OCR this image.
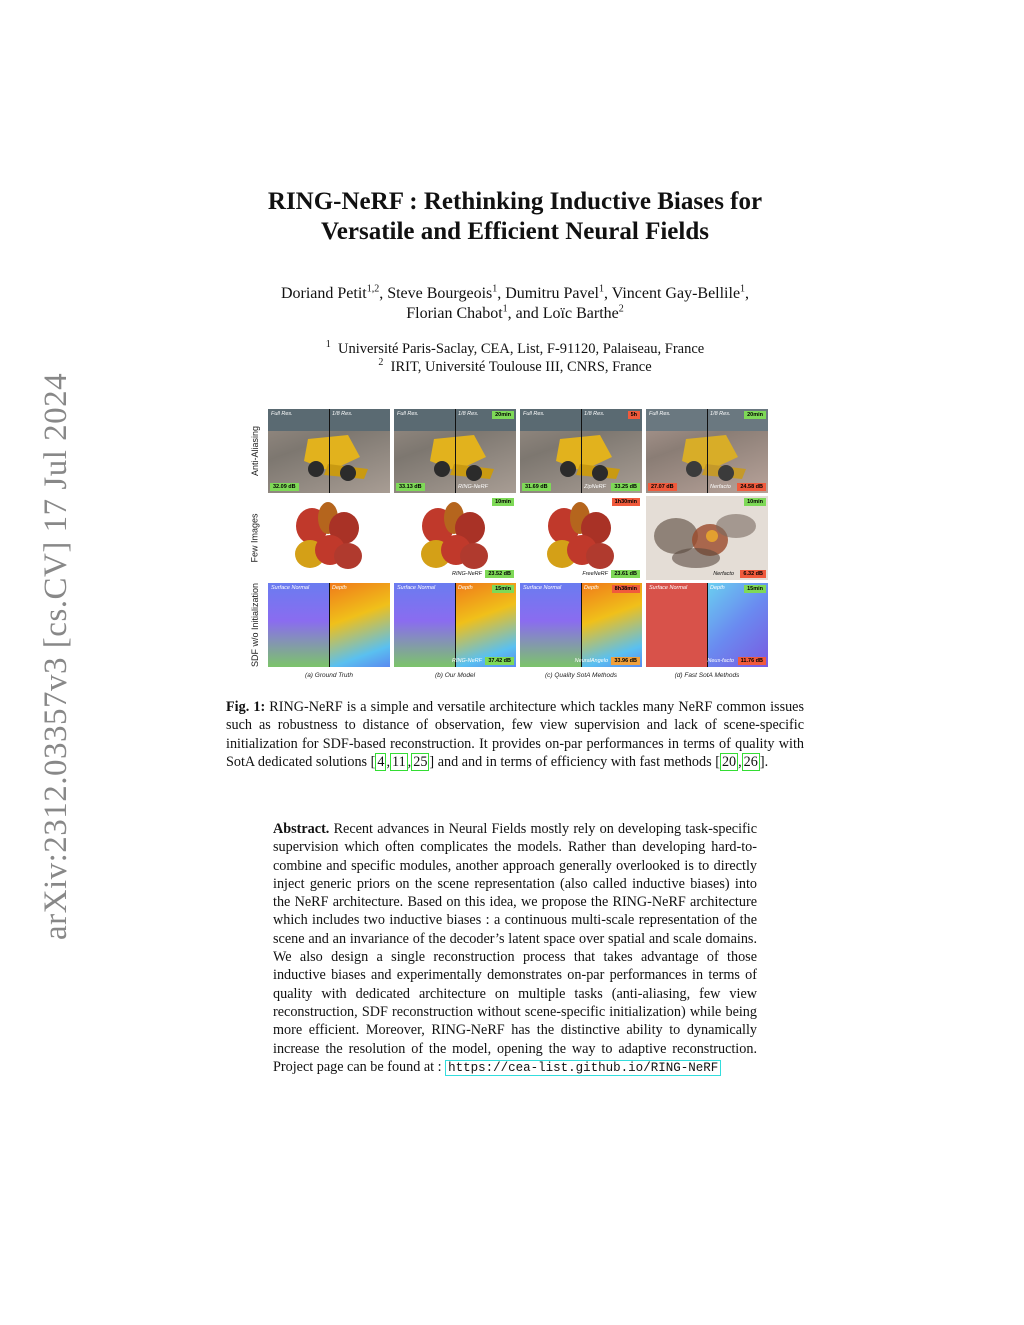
arXiv:2312.03357v3 [cs.CV] 17 Jul 2024
RING-NeRF : Rethinking Inductive Biases for
Versatile and Efficient Neural Fields
Doriand Petit$^{1,2}$, Steve Bourgeois$^1$, Dumitru Pavel$^1$, Vincent Gay-Bellile$^1$,
Florian Chabot$^1$, and Loïc Barthe$^2$
$^1$ Université Paris-Saclay, CEA, List, F-91120, Palaiseau, France
$^2$ IRIT, Université Toulouse III, CNRS, France
Anti-Aliasing
Few Images
SDF w/o Initialization
Full Res.	1/8 Res.
32.09 dB
Full Res.	1/8 Res.	20min
33.13 dB	RING-NeRF
Full Res.	1/8 Res.	5h
31.69 dB	ZipNeRF	33.25 dB
Full Res.	1/8 Res.	20min
27.07 dB	Nerfacto	24.58 dB
10min
RING-NeRF	23.52 dB
1h30min
FreeNeRF	23.61 dB
10min
Nerfacto	6.32 dB
Surface Normal	Depth	Surface Normal	Depth	15min
RING-NeRF	37.42 dB
Surface Normal	Depth	8h38min
NeuralAngelo	33.96 dB
Surface Normal	Depth	15min
Neus-facto	11.76 dB
(a) Ground Truth	(b) Our Model	(c) Quality SotA Methods	(d) Fast SotA Methods
Fig. 1: RING-NeRF is a simple and versatile architecture which tackles many NeRF common issues such as robustness to distance of observation, few view supervision and lack of scene-specific initialization for SDF-based reconstruction. It provides on-par performances in terms of quality with SotA dedicated solutions [ 4 , 11 , 25 ] and and in terms of efficiency with fast methods [ 20 , 26 ].
Abstract. Recent advances in Neural Fields mostly rely on developing task-specific supervision which often complicates the models. Rather than developing hard-to-combine and specific modules, another approach generally overlooked is to directly inject generic priors on the scene representation (also called inductive biases) into the NeRF architecture. Based on this idea, we propose the RING-NeRF architecture which includes two inductive biases : a continuous multi-scale representation of the scene and an invariance of the decoder’s latent space over spatial and scale domains. We also design a single reconstruction process that takes advantage of those inductive biases and experimentally demonstrates on-par performances in terms of quality with dedicated architecture on multiple tasks (anti-aliasing, few view reconstruction, SDF reconstruction without scene-specific initialization) while being more efficient. Moreover, RING-NeRF has the distinctive ability to dynamically increase the resolution of the model, opening the way to adaptive reconstruction. Project page can be found at : https://cea-list.github.io/RING-NeRF
